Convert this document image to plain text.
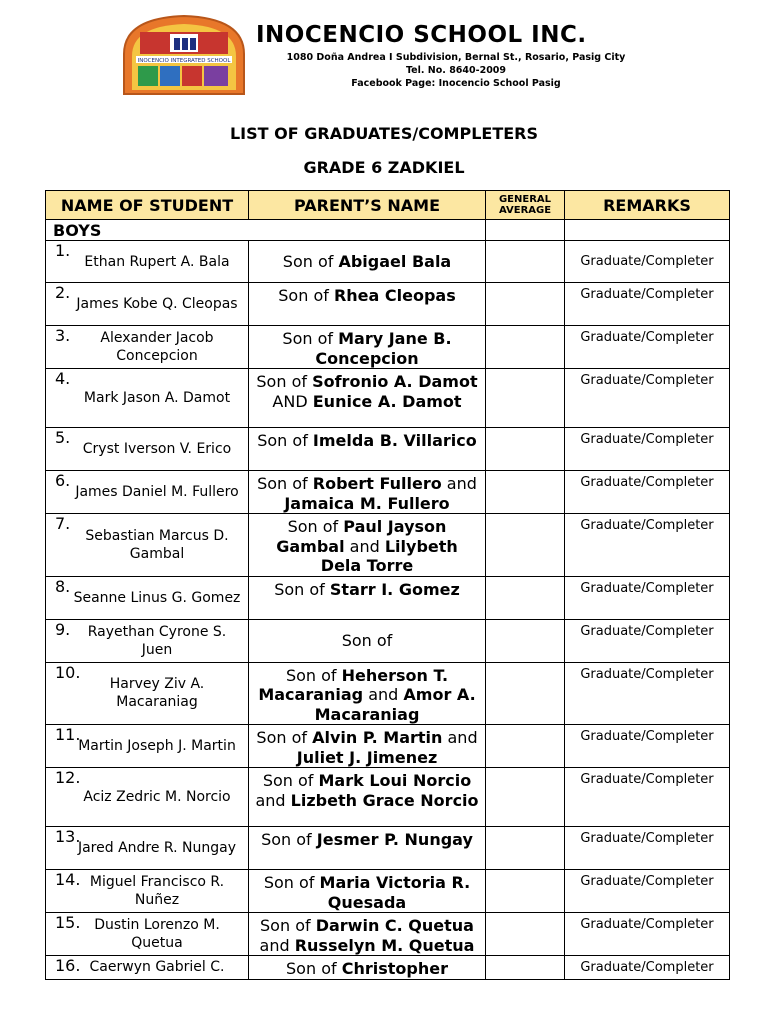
INOCENCIO INTEGRATED SCHOOL
INOCENCIO SCHOOL INC.
1080 Doña Andrea I Subdivision, Bernal St., Rosario, Pasig City
Tel. No. 8640-2009
Facebook Page: Inocencio School Pasig
LIST OF GRADUATES/COMPLETERS
GRADE 6 ZADKIEL
NAME OF STUDENT	PARENT’S NAME	GENERAL AVERAGE	REMARKS
BOYS			

1.
Ethan Rupert A. Bala	Son of Abigael Bala		Graduate/Completer

2.
James Kobe Q. Cleopas	Son of Rhea Cleopas		Graduate/Completer

3. Alexander Jacob Concepcion	Son of Mary Jane B. Concepcion		Graduate/Completer

4.
Mark Jason A. Damot	Son of Sofronio A. Damot AND Eunice A. Damot		Graduate/Completer

5.
Cryst Iverson V. Erico	Son of Imelda B. Villarico		Graduate/Completer

6.
James Daniel M. Fullero	Son of Robert Fullero and Jamaica M. Fullero		Graduate/Completer

7.
Sebastian Marcus D. Gambal	Son of Paul Jayson Gambal and Lilybeth Dela Torre		Graduate/Completer

8.
Seanne Linus G. Gomez	Son of Starr I. Gomez		Graduate/Completer

9. Rayethan Cyrone S. Juen	Son of		Graduate/Completer

10.
Harvey Ziv A. Macaraniag	Son of Heherson T. Macaraniag and Amor A. Macaraniag		Graduate/Completer

11.
Martin Joseph J. Martin	Son of Alvin P. Martin and Juliet J. Jimenez		Graduate/Completer

12.
Aciz Zedric M. Norcio	Son of Mark Loui Norcio and Lizbeth Grace Norcio		Graduate/Completer

13.
Jared Andre R. Nungay	Son of Jesmer P. Nungay		Graduate/Completer

14. Miguel Francisco R. Nuñez	Son of Maria Victoria R. Quesada		Graduate/Completer

15. Dustin Lorenzo M. Quetua	Son of Darwin C. Quetua and Russelyn M. Quetua		Graduate/Completer

16. Caerwyn Gabriel C.	Son of Christopher		Graduate/Completer
